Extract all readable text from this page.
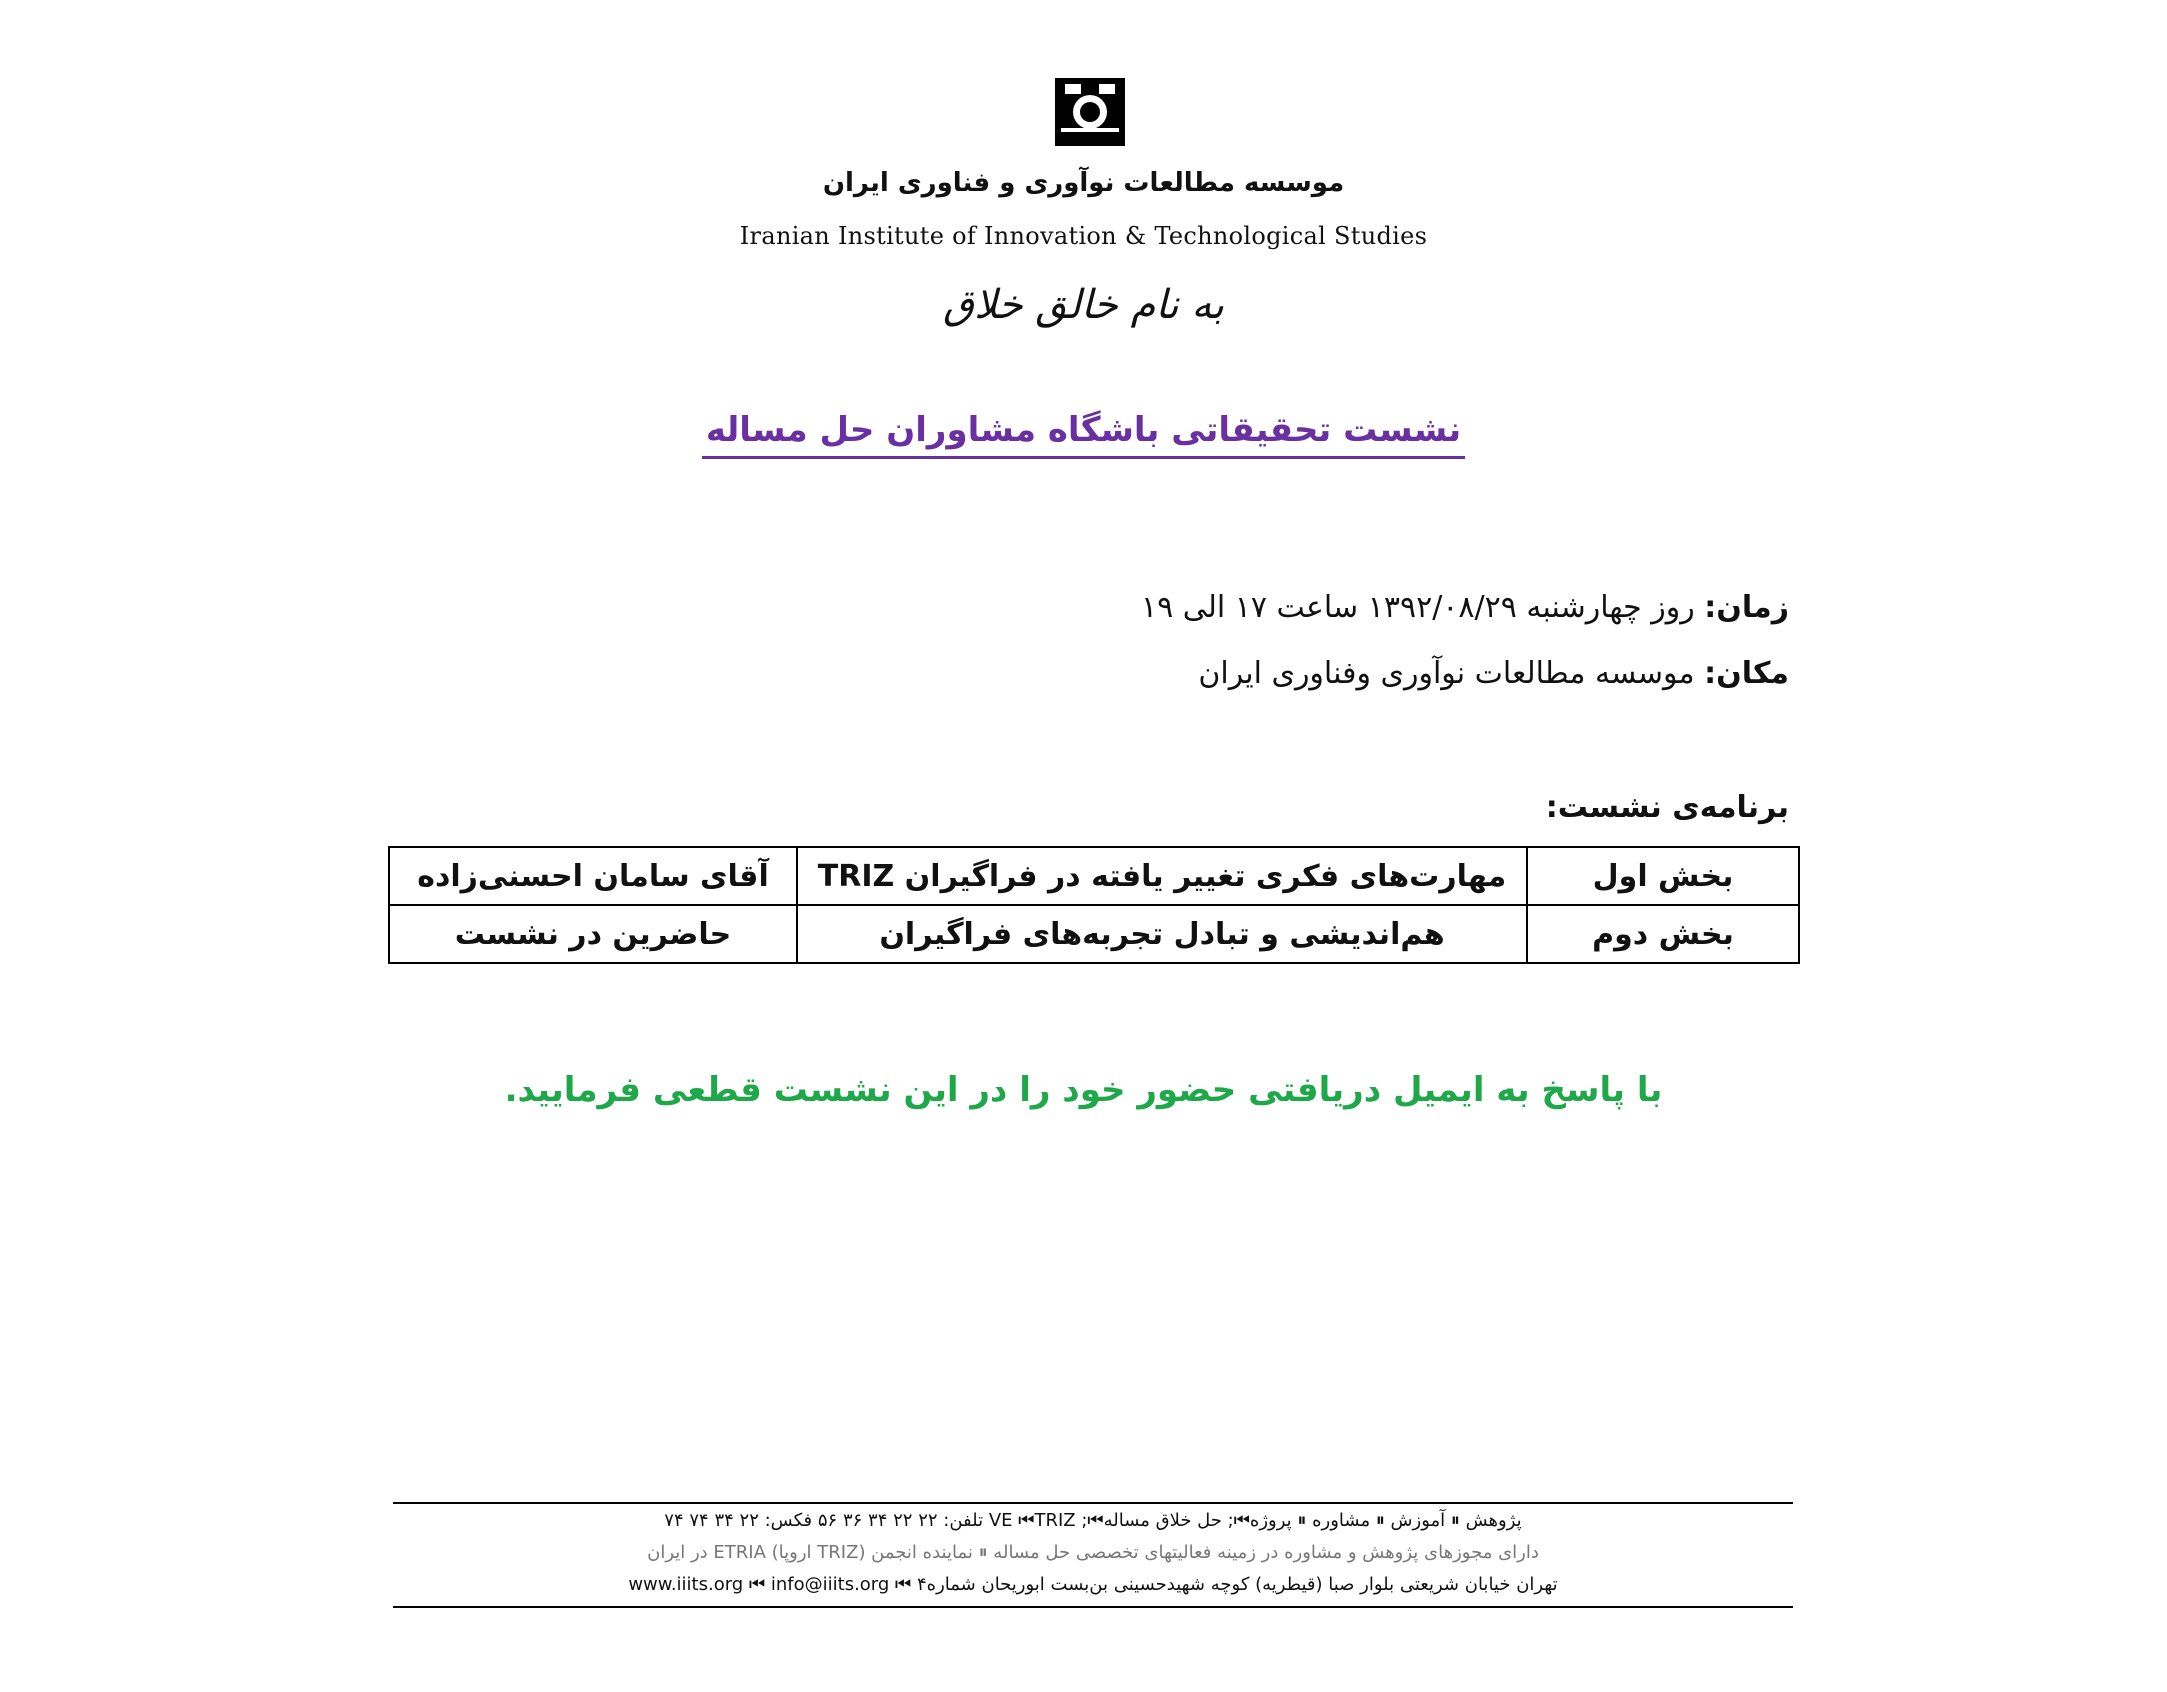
موسسه مطالعات نوآوری و فناوری ایران
Iranian Institute of Innovation & Technological Studies
به نام خالق خلاق
نشست تحقیقاتی باشگاه مشاوران حل مساله
زمان: روز چهارشنبه ۱۳۹۲/۰۸/۲۹ ساعت ۱۷ الی ۱۹
مکان: موسسه مطالعات نوآوری وفناوری ایران
برنامه‌ی نشست:
بخش اول	مهارت‌های فکری تغییر یافته در فراگیران TRIZ	آقای سامان احسنی‌زاده
بخش دوم	هم‌اندیشی و تبادل تجربه‌های فراگیران	حاضرین در نشست
با پاسخ به ایمیل دریافتی حضور خود را در این نشست قطعی فرمایید.
پژوهش ⏸ آموزش ⏸ مشاوره ⏸ پروژه⏮; حل خلاق مساله⏮; VE ⏮TRIZ تلفن: ۲۲ ۲۲ ۳۴ ۳۶ ۵۶ فکس: ۲۲ ۳۴ ۷۴ ۷۴
دارای مجوزهای پژوهش و مشاوره در زمینه فعالیتهای تخصصی حل مساله ⏸ نماینده انجمن (TRIZ اروپا) ETRIA در ایران
تهران خیابان شریعتی بلوار صبا (قیطریه) کوچه شهیدحسینی بن‌بست ابوریحان شماره۴ ⏮ www.iiits.org ⏮ info@iiits.org
